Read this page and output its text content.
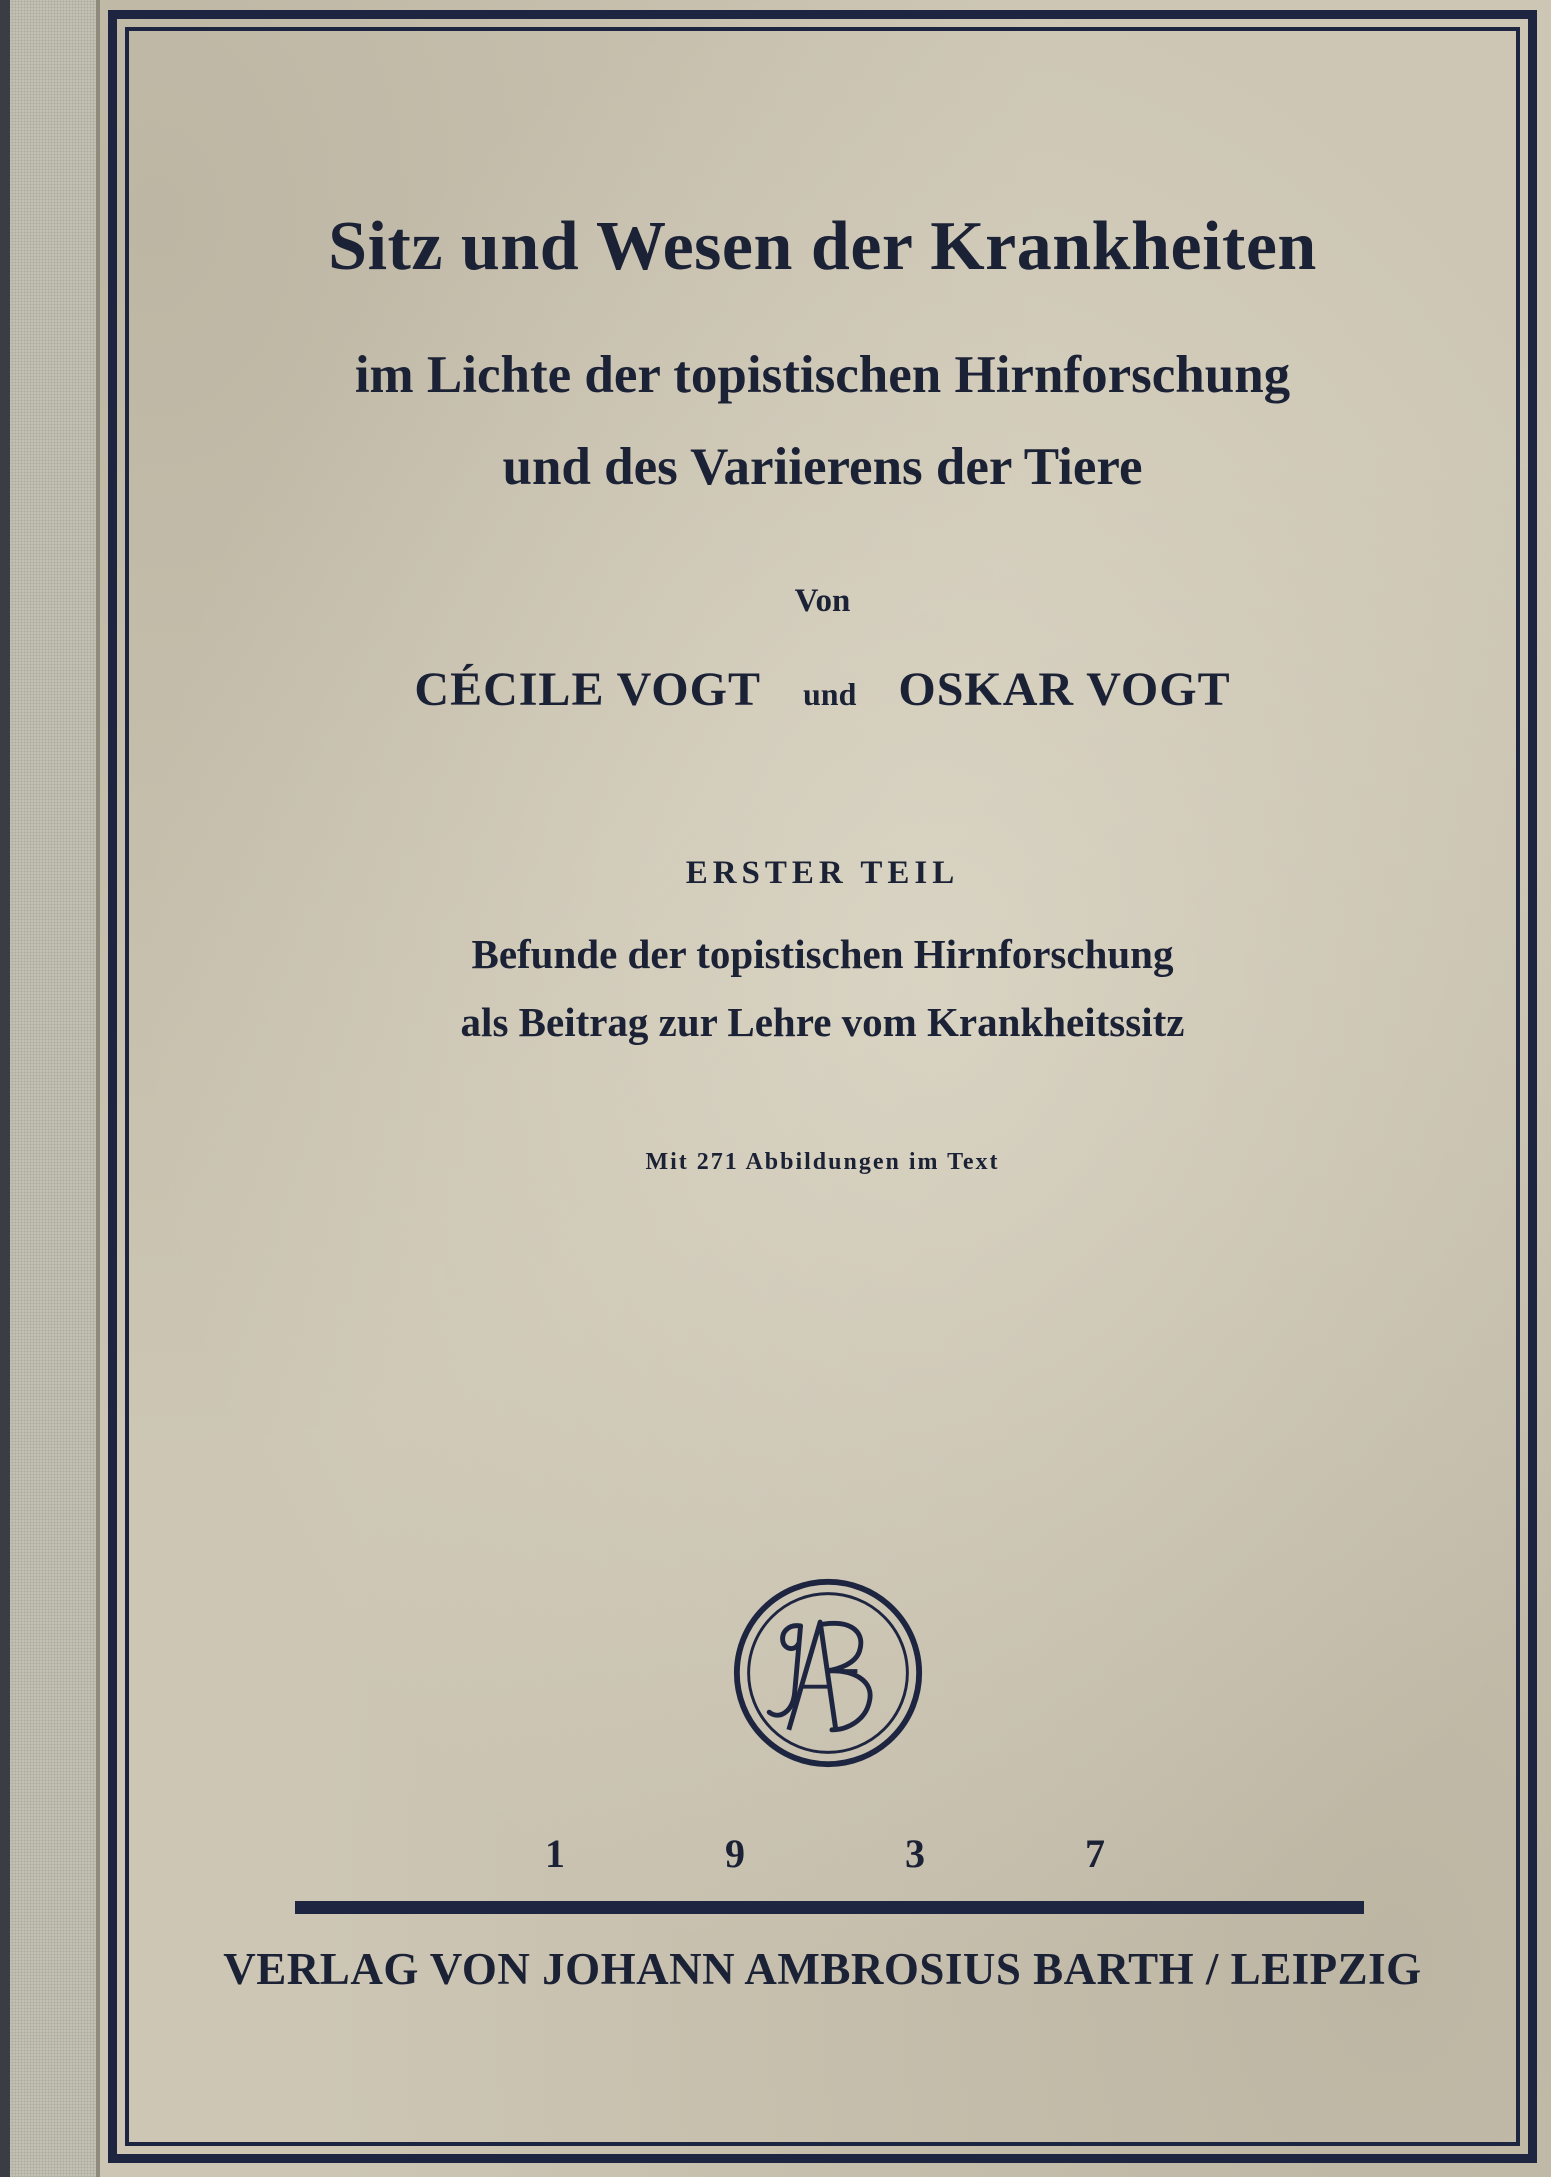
Sitz und Wesen der Krankheiten

im Lichte der topistischen Hirnforschung

und des Variierens der Tiere

Von

CÉCILE VOGT und OSKAR VOGT

ERSTER TEIL

Befunde der topistischen Hirnforschung

als Beitrag zur Lehre vom Krankheitssitz

Mit 271 Abbildungen im Text

1	9	3	7

VERLAG VON JOHANN AMBROSIUS BARTH / LEIPZIG
